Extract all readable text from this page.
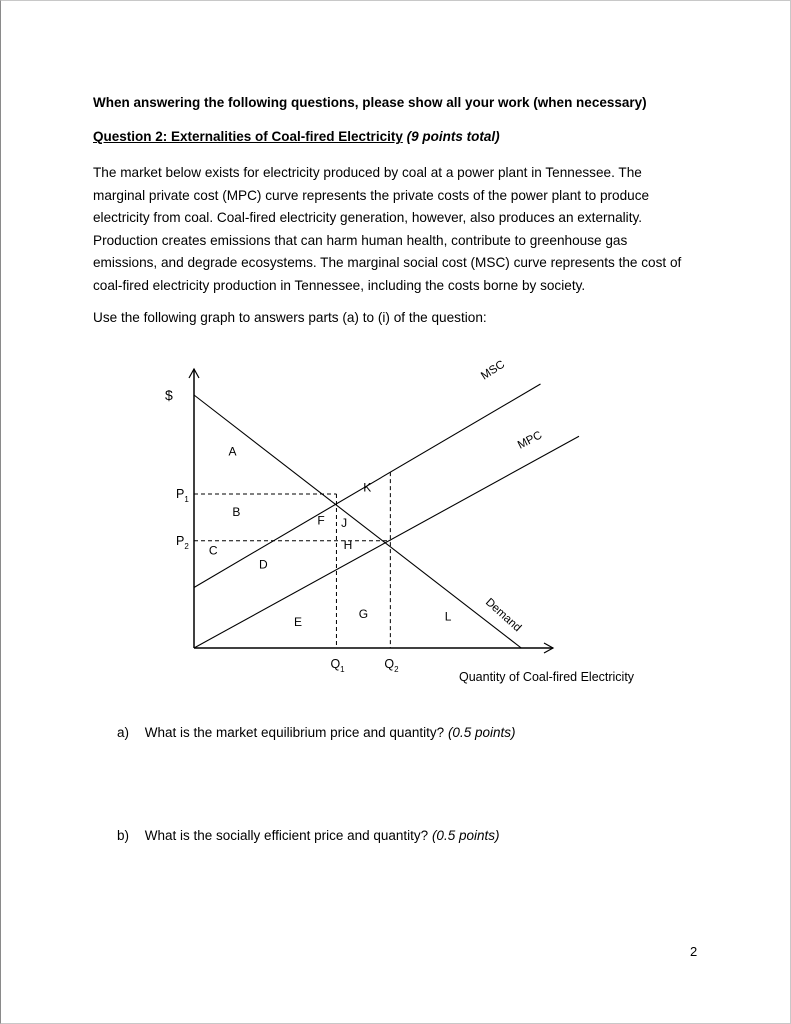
When answering the following questions, please show all your work (when necessary)
Question 2: Externalities of Coal-fired Electricity (9 points total)
The market below exists for electricity produced by coal at a power plant in Tennessee. The
marginal private cost (MPC) curve represents the private costs of the power plant to produce
electricity from coal. Coal-fired electricity generation, however, also produces an externality.
Production creates emissions that can harm human health, contribute to greenhouse gas
emissions, and degrade ecosystems. The marginal social cost (MSC) curve represents the cost of
coal-fired electricity production in Tennessee, including the costs borne by society.
Use the following graph to answers parts (a) to (i) of the question:
$
Quantity of Coal-fired Electricity
MSC
MPC
Demand
$P_1$
$P_2$
$Q_1$	$Q_2$
A
B
C
D
E
F J
H
K
G	L
a) What is the market equilibrium price and quantity? (0.5 points)
b) What is the socially efficient price and quantity? (0.5 points)
2
